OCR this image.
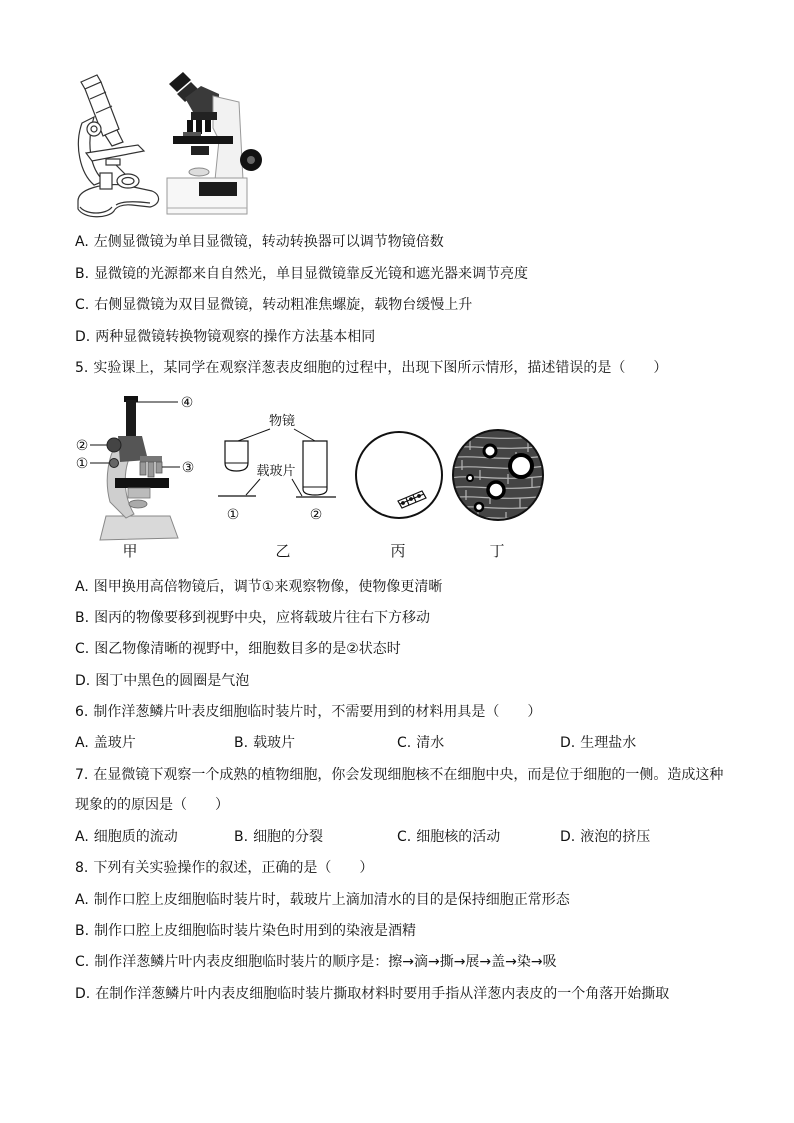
A. 左侧显微镜为单目显微镜，转动转换器可以调节物镜倍数
B. 显微镜的光源都来自自然光，单目显微镜靠反光镜和遮光器来调节亮度
C. 右侧显微镜为双目显微镜，转动粗准焦螺旋，载物台缓慢上升
D. 两种显微镜转换物镜观察的操作方法基本相同
5. 实验课上，某同学在观察洋葱表皮细胞的过程中，出现下图所示情形，描述错误的是（　　）
①
②
③
④
物镜
载玻片
①	②
甲	乙	丙	丁
A. 图甲换用高倍物镜后，调节①来观察物像，使物像更清晰
B. 图丙的物像要移到视野中央，应将载玻片往右下方移动
C. 图乙物像清晰的视野中，细胞数目多的是②状态时
D. 图丁中黑色的圆圈是气泡
6. 制作洋葱鳞片叶表皮细胞临时装片时，不需要用到的材料用具是（　　）
A. 盖玻片	B. 载玻片	C. 清水	D. 生理盐水
7. 在显微镜下观察一个成熟的植物细胞，你会发现细胞核不在细胞中央，而是位于细胞的一侧。造成这种
现象的的原因是（　　）
A. 细胞质的流动	B. 细胞的分裂	C. 细胞核的活动	D. 液泡的挤压
8. 下列有关实验操作的叙述，正确的是（　　）
A. 制作口腔上皮细胞临时装片时，载玻片上滴加清水的目的是保持细胞正常形态
B. 制作口腔上皮细胞临时装片染色时用到的染液是酒精
C. 制作洋葱鳞片叶内表皮细胞临时装片的顺序是：擦→滴→撕→展→盖→染→吸
D. 在制作洋葱鳞片叶内表皮细胞临时装片撕取材料时要用手指从洋葱内表皮的一个角落开始撕取
